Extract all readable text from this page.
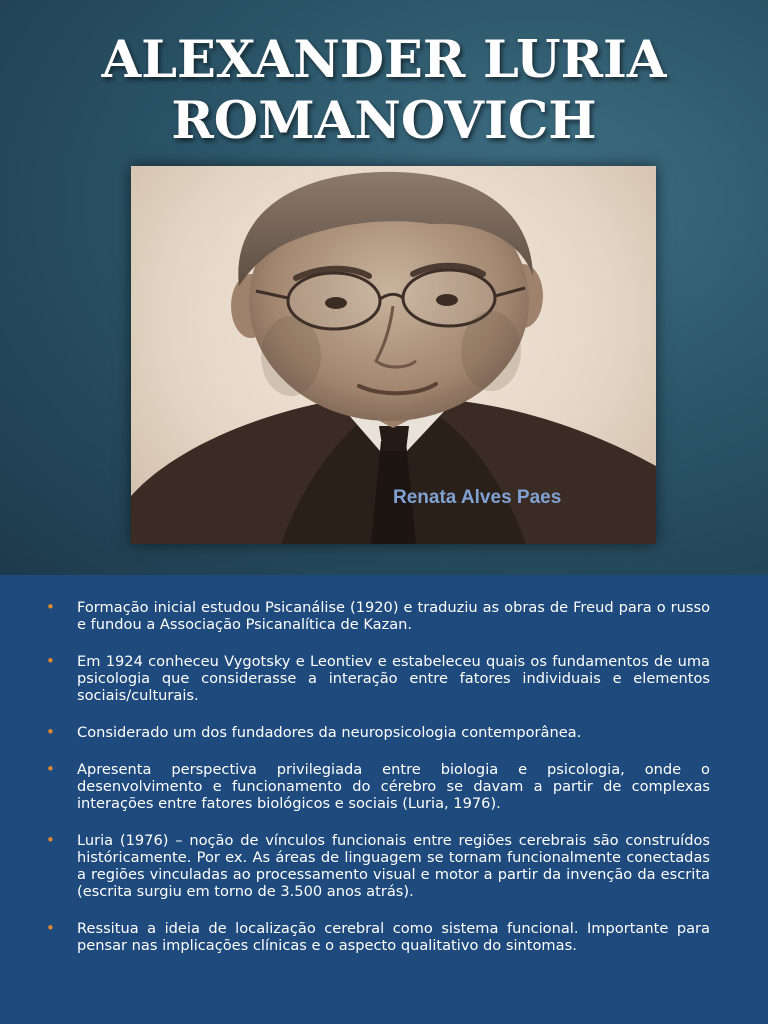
ALEXANDER LURIA
ROMANOVICH
Renata Alves Paes
• Formação inicial estudou Psicanálise (1920) e traduziu as obras de Freud para o russo e fundou a Associação Psicanalítica de Kazan.
• Em 1924 conheceu Vygotsky e Leontiev e estabeleceu quais os fundamentos de uma psicologia que considerasse a interação entre fatores individuais e elementos sociais/culturais.
• Considerado um dos fundadores da neuropsicologia contemporânea.
• Apresenta perspectiva privilegiada entre biologia e psicologia, onde o desenvolvimento e funcionamento do cérebro se davam a partir de complexas interações entre fatores biológicos e sociais (Luria, 1976).
• Luria (1976) – noção de vínculos funcionais entre regiões cerebrais são construídos históricamente. Por ex. As áreas de linguagem se tornam funcionalmente conectadas a regiões vinculadas ao processamento visual e motor a partir da invenção da escrita (escrita surgiu em torno de 3.500 anos atrás).
• Ressitua a ideia de localização cerebral como sistema funcional. Importante para pensar nas implicações clínicas e o aspecto qualitativo do sintomas.
